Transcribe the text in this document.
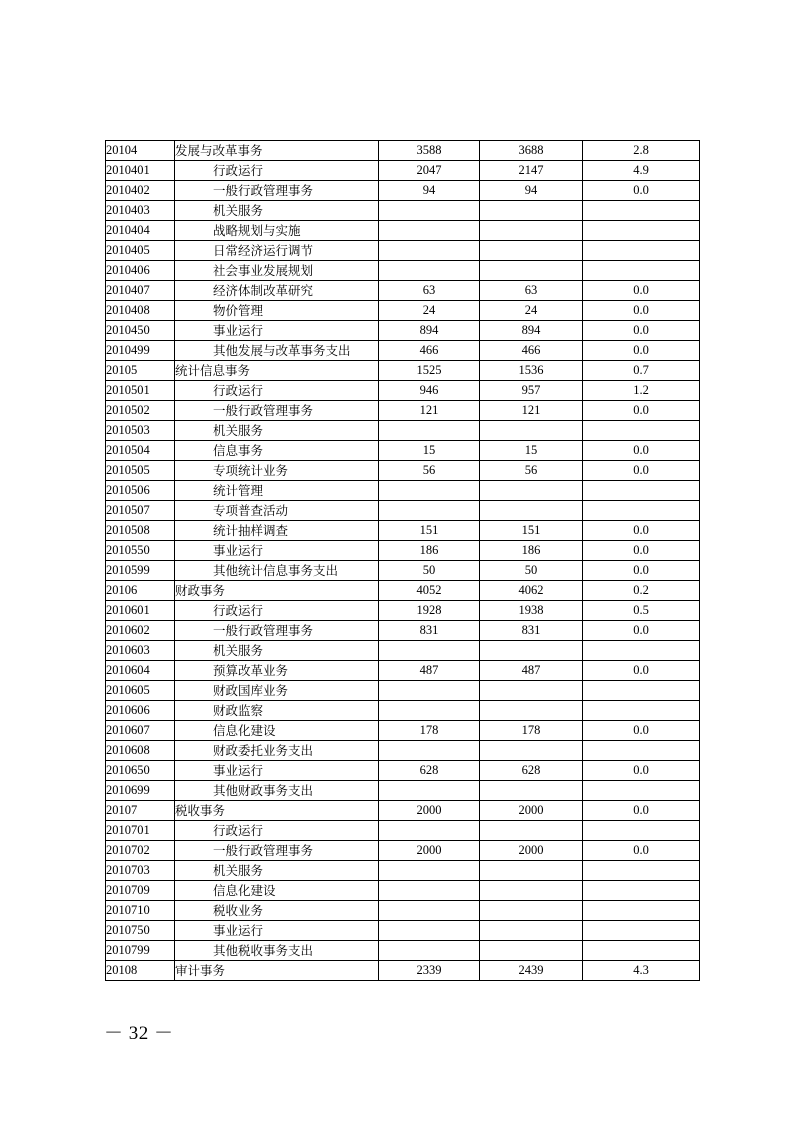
20104	发展与改革事务	3588	3688	2.8
2010401	行政运行	2047	2147	4.9
2010402	一般行政管理事务	94	94	0.0
2010403	机关服务			
2010404	战略规划与实施			
2010405	日常经济运行调节			
2010406	社会事业发展规划			
2010407	经济体制改革研究	63	63	0.0
2010408	物价管理	24	24	0.0
2010450	事业运行	894	894	0.0
2010499	其他发展与改革事务支出	466	466	0.0
20105	统计信息事务	1525	1536	0.7
2010501	行政运行	946	957	1.2
2010502	一般行政管理事务	121	121	0.0
2010503	机关服务			
2010504	信息事务	15	15	0.0
2010505	专项统计业务	56	56	0.0
2010506	统计管理			
2010507	专项普查活动			
2010508	统计抽样调查	151	151	0.0
2010550	事业运行	186	186	0.0
2010599	其他统计信息事务支出	50	50	0.0
20106	财政事务	4052	4062	0.2
2010601	行政运行	1928	1938	0.5
2010602	一般行政管理事务	831	831	0.0
2010603	机关服务			
2010604	预算改革业务	487	487	0.0
2010605	财政国库业务			
2010606	财政监察			
2010607	信息化建设	178	178	0.0
2010608	财政委托业务支出			
2010650	事业运行	628	628	0.0
2010699	其他财政事务支出			
20107	税收事务	2000	2000	0.0
2010701	行政运行			
2010702	一般行政管理事务	2000	2000	0.0
2010703	机关服务			
2010709	信息化建设			
2010710	税收业务			
2010750	事业运行			
2010799	其他税收事务支出			
20108	审计事务	2339	2439	4.3
－ 32 －
